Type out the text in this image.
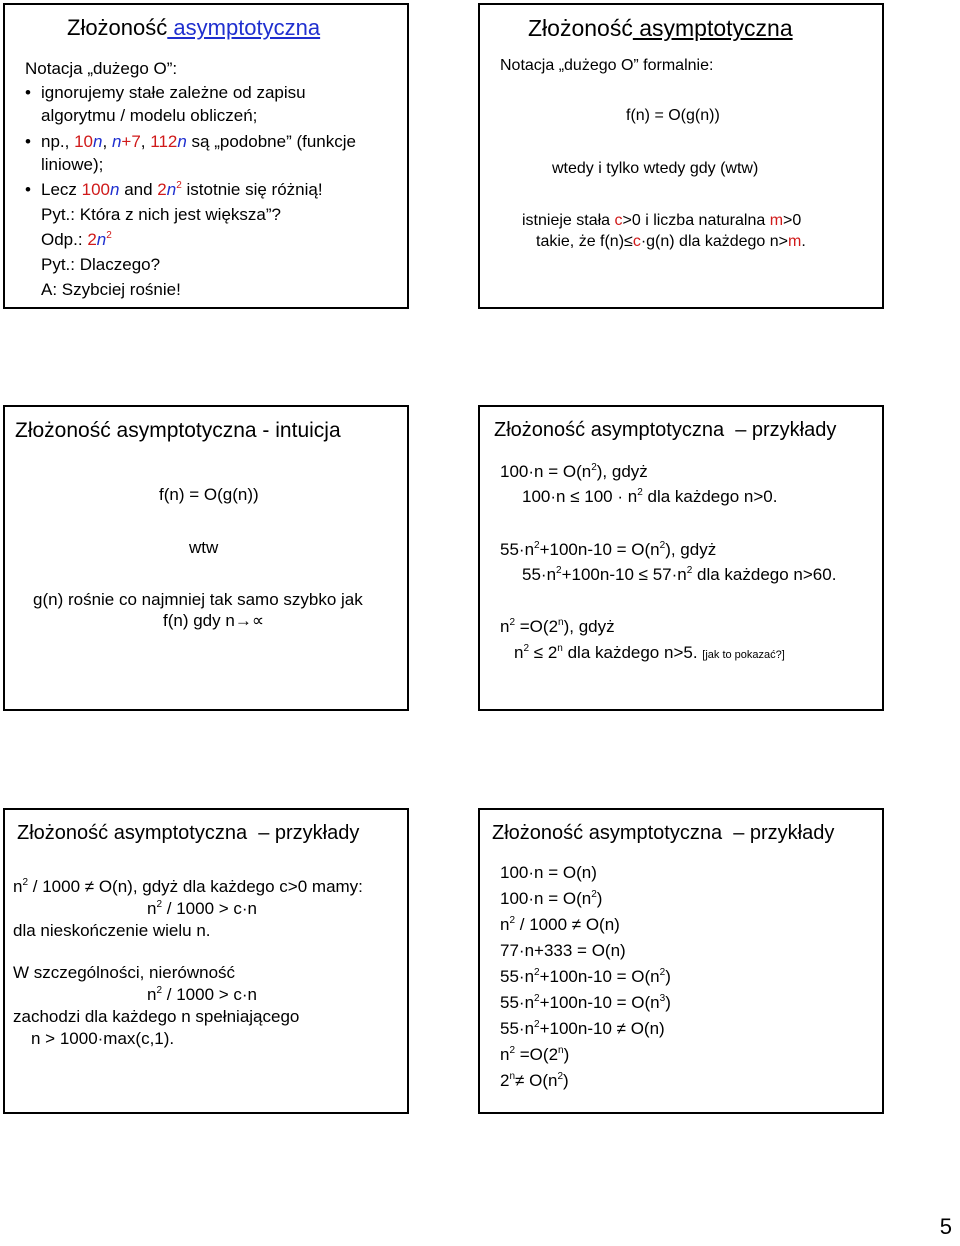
Złożoność asymptotyczna
Notacja „dużego O”:
• ignorujemy stałe zależne od zapisu
algorytmu / modelu obliczeń;
• np., 10n, n+7, 112n są „podobne” (funkcje
liniowe);
• Lecz 100n and $2n^2$ istotnie się różnią!
Pyt.: Która z nich jest większa”?
Odp.: $2n^2$
Pyt.: Dlaczego?
A: Szybciej rośnie!
Złożoność asymptotyczna
Notacja „dużego O” formalnie:
f(n) = O(g(n))
wtedy i tylko wtedy gdy (wtw)
istnieje stała c>0 i liczba naturalna m>0
takie, że f(n)≤c·g(n) dla każdego n>m.
Złożoność asymptotyczna - intuicja
f(n) = O(g(n))
wtw
g(n) rośnie co najmniej tak samo szybko jak
f(n) gdy n→∝
Złożoność asymptotyczna  – przykłady
$100\cdot n = O(n^2)$, gdyż
$100\cdot n \le 100 \cdot n^2$ dla każdego n>0.
$55\cdot n^2+100n-10 = O(n^2)$, gdyż
$55\cdot n^2+100n-10 \le 57\cdot n^2$ dla każdego n>60.
$n^2 =O(2^n)$, gdyż
$n^2 \le 2^n$ dla każdego n>5. [jak to pokazać?]
Złożoność asymptotyczna  – przykłady
$n^2 / 1000 \ne O(n)$, gdyż dla każdego c>0 mamy:
$n^2 / 1000 > c\cdot n$
dla nieskończenie wielu n.
W szczególności, nierówność
$n^2 / 1000 > c\cdot n$
zachodzi dla każdego n spełniającego
n > 1000·max(c,1).
Złożoność asymptotyczna  – przykłady
100·n = O(n)
$100\cdot n = O(n^2)$
$n^2 / 1000 \ne O(n)$
77·n+333 = O(n)
$55\cdot n^2+100n-10 = O(n^2)$
$55\cdot n^2+100n-10 = O(n^3)$
$55\cdot n^2+100n-10 \ne O(n)$
$n^2 =O(2^n)$
$2^n\ne O(n^2)$
5
